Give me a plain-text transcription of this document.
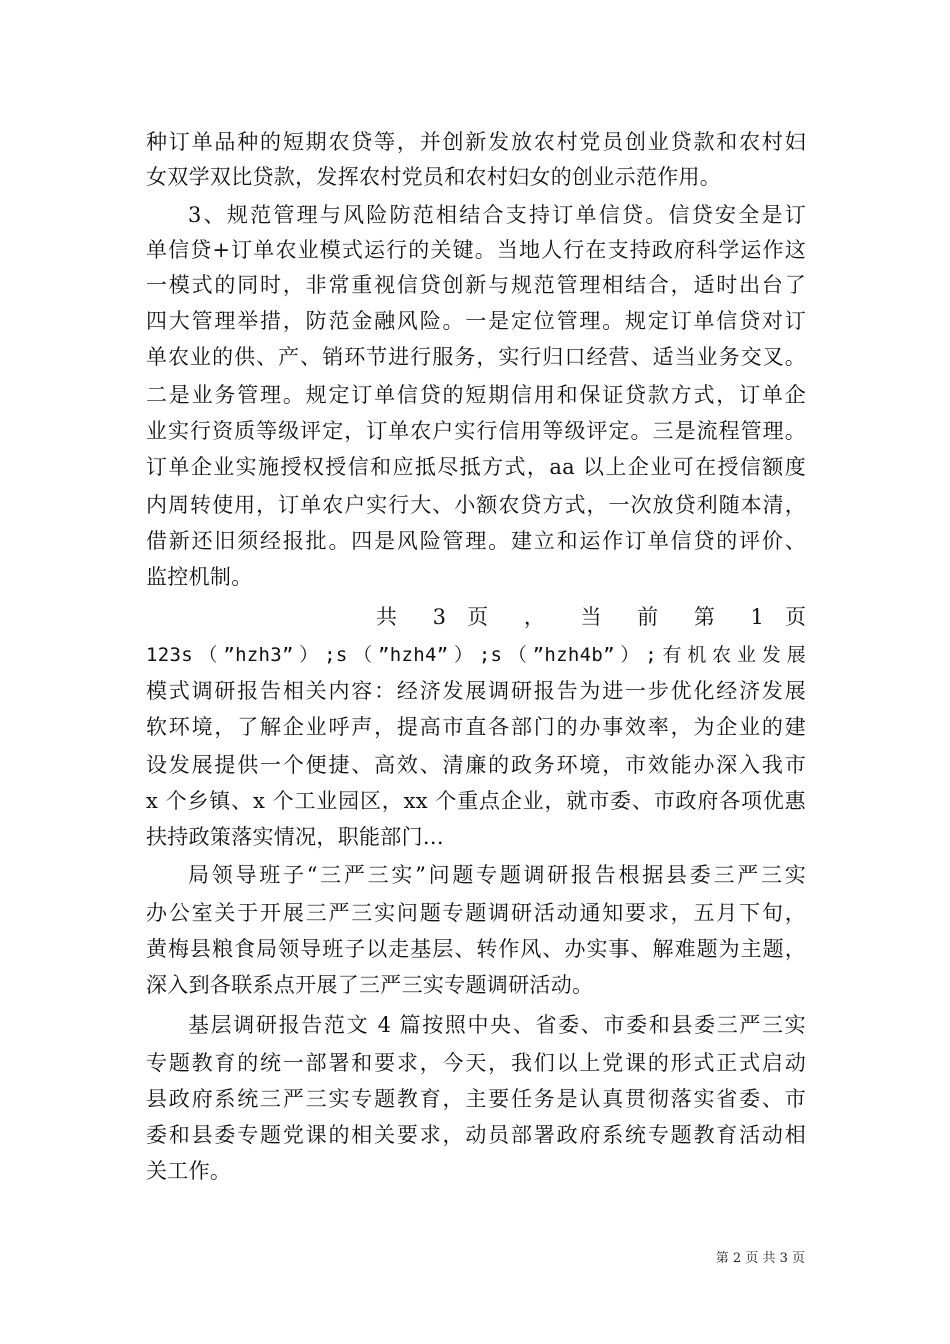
种订单品种的短期农贷等，并创新发放农村党员创业贷款和农村妇
女双学双比贷款，发挥农村党员和农村妇女的创业示范作用。
3、规范管理与风险防范相结合支持订单信贷。信贷安全是订
单信贷+订单农业模式运行的关键。当地人行在支持政府科学运作这
一模式的同时，非常重视信贷创新与规范管理相结合，适时出台了
四大管理举措，防范金融风险。一是定位管理。规定订单信贷对订
单农业的供、产、销环节进行服务，实行归口经营、适当业务交叉。
二是业务管理。规定订单信贷的短期信用和保证贷款方式，订单企
业实行资质等级评定，订单农户实行信用等级评定。三是流程管理。
订单企业实施授权授信和应抵尽抵方式，aa 以上企业可在授信额度
内周转使用，订单农户实行大、小额农贷方式，一次放贷利随本清，
借新还旧须经报批。四是风险管理。建立和运作订单信贷的评价、
监控机制。
共 3 页 ， 当 前 第 1 页
123s（”hzh3”）;s（”hzh4”）;s（”hzh4b”）;有机农业发展
模式调研报告相关内容：经济发展调研报告为进一步优化经济发展
软环境，了解企业呼声，提高市直各部门的办事效率，为企业的建
设发展提供一个便捷、高效、清廉的政务环境，市效能办深入我市
x 个乡镇、x 个工业园区，xx 个重点企业，就市委、市政府各项优惠
扶持政策落实情况，职能部门...
局领导班子“三严三实”问题专题调研报告根据县委三严三实
办公室关于开展三严三实问题专题调研活动通知要求，五月下旬，
黄梅县粮食局领导班子以走基层、转作风、办实事、解难题为主题，
深入到各联系点开展了三严三实专题调研活动。
基层调研报告范文 4 篇按照中央、省委、市委和县委三严三实
专题教育的统一部署和要求，今天，我们以上党课的形式正式启动
县政府系统三严三实专题教育，主要任务是认真贯彻落实省委、市
委和县委专题党课的相关要求，动员部署政府系统专题教育活动相
关工作。
第 2 页 共 3 页
